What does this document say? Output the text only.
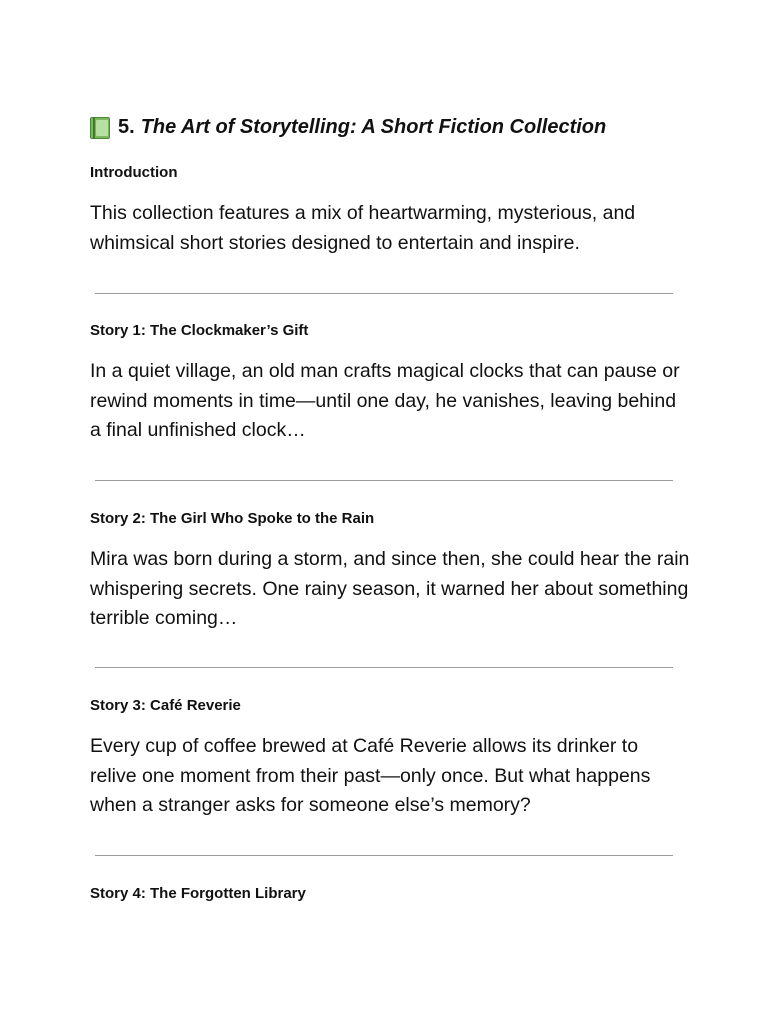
5. The Art of Storytelling: A Short Fiction Collection
Introduction
This collection features a mix of heartwarming, mysterious, and whimsical short stories designed to entertain and inspire.
Story 1: The Clockmaker’s Gift
In a quiet village, an old man crafts magical clocks that can pause or rewind moments in time—until one day, he vanishes, leaving behind a final unfinished clock…
Story 2: The Girl Who Spoke to the Rain
Mira was born during a storm, and since then, she could hear the rain whispering secrets. One rainy season, it warned her about something terrible coming…
Story 3: Café Reverie
Every cup of coffee brewed at Café Reverie allows its drinker to relive one moment from their past—only once. But what happens when a stranger asks for someone else’s memory?
Story 4: The Forgotten Library
